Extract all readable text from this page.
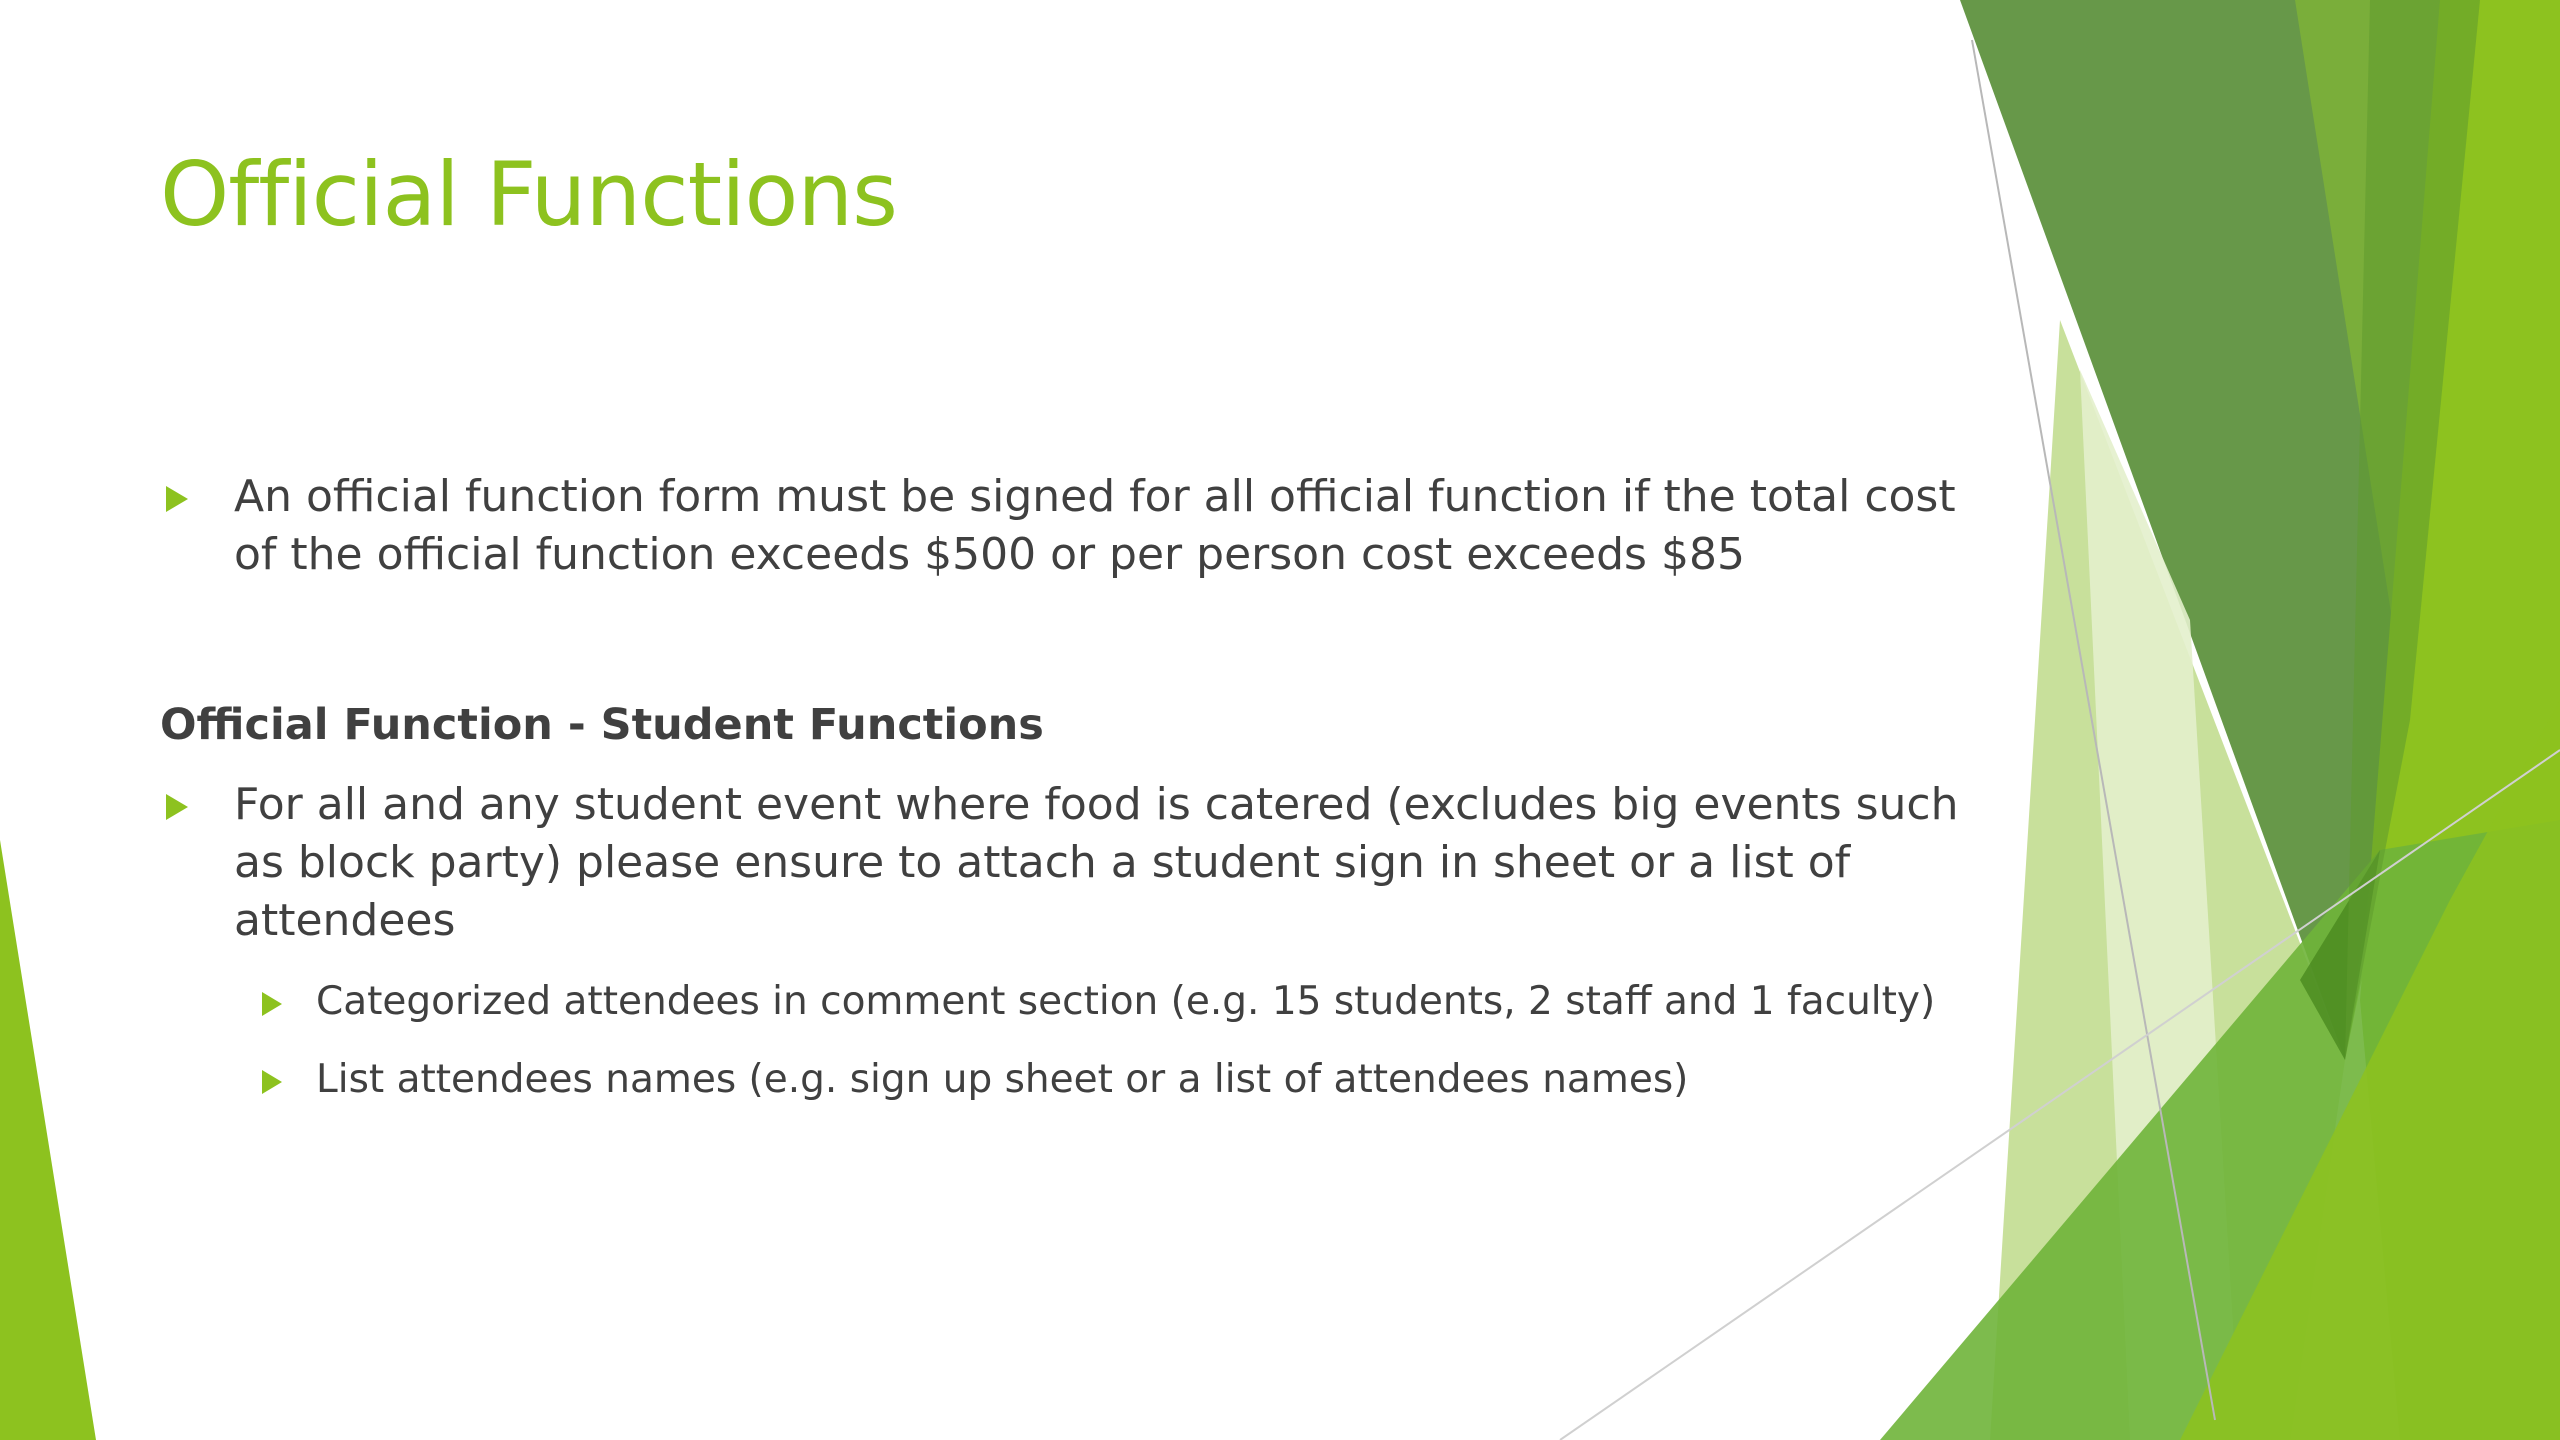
Official Functions
An official function form must be signed for all official function if the total cost of the official function exceeds $500 or per person cost exceeds $85
Official Function - Student Functions
For all and any student event where food is catered (excludes big events such as block party) please ensure to attach a student sign in sheet or a list of attendees
Categorized attendees in comment section (e.g. 15 students, 2 staff and 1 faculty)
List attendees names (e.g. sign up sheet or a list of attendees names)
